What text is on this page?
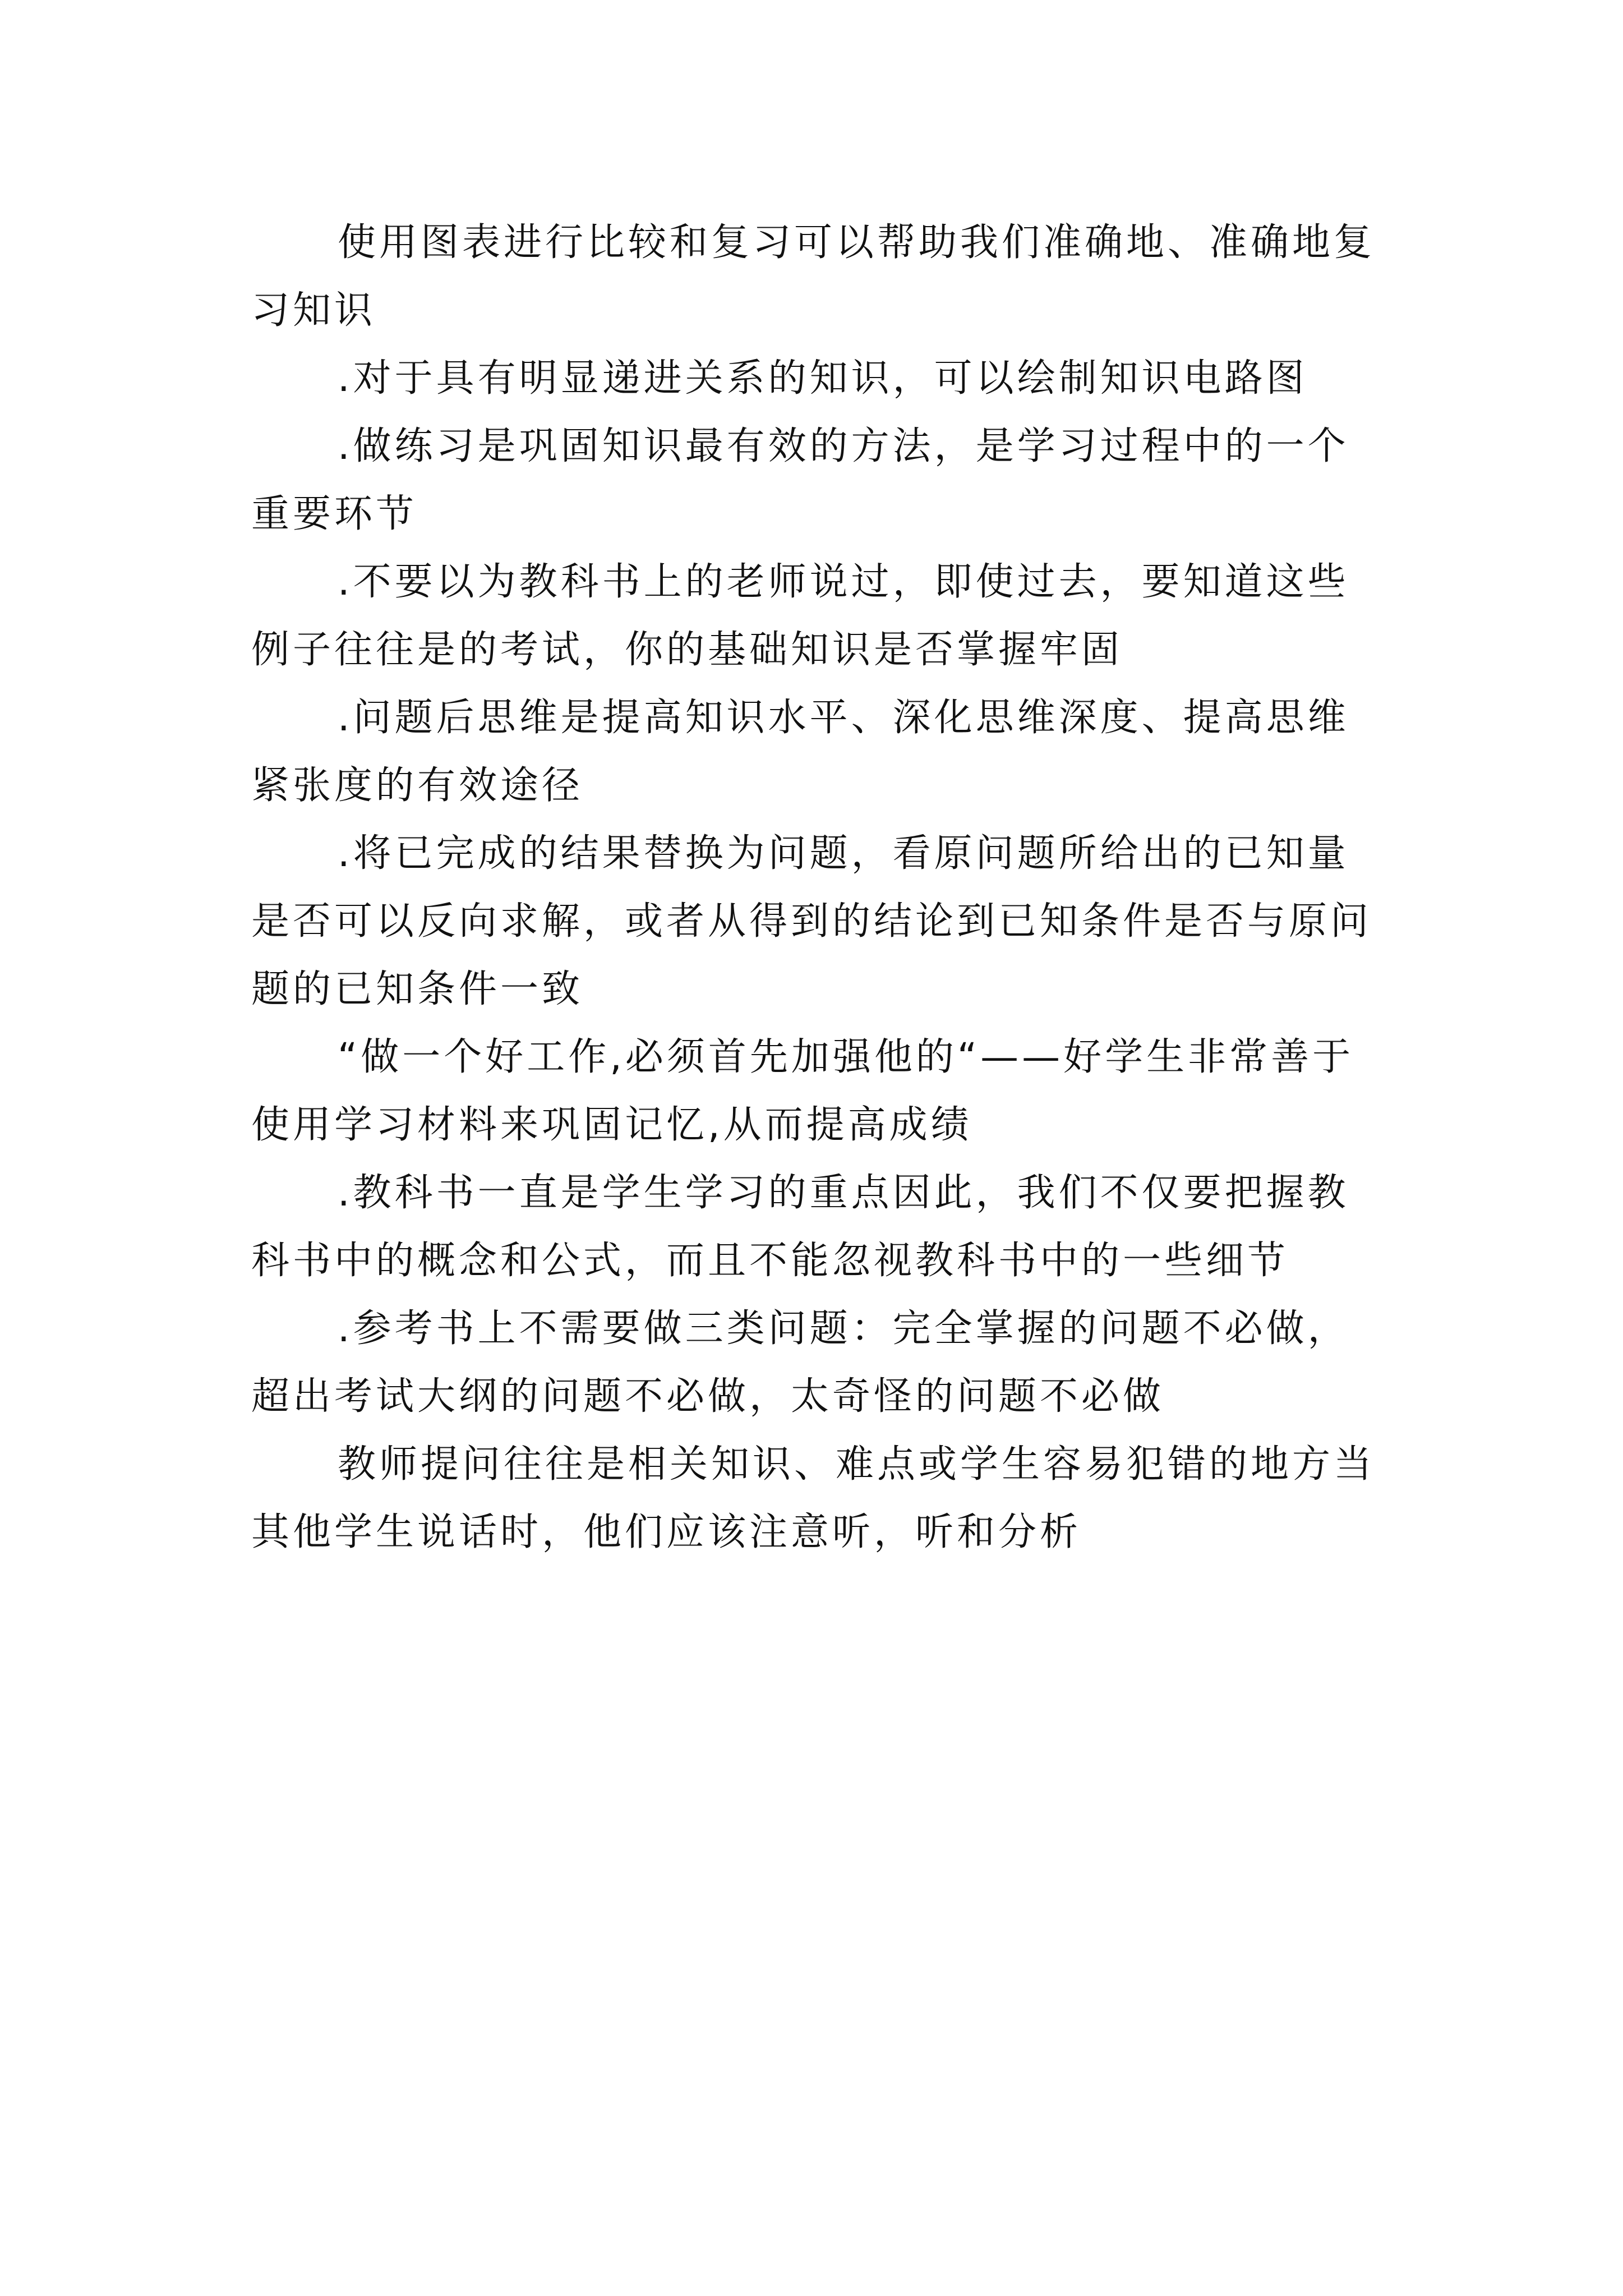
使用图表进行比较和复习可以帮助我们准确地、准确地复习知识

.对于具有明显递进关系的知识，可以绘制知识电路图

.做练习是巩固知识最有效的方法，是学习过程中的一个重要环节

.不要以为教科书上的老师说过，即使过去，要知道这些例子往往是的考试，你的基础知识是否掌握牢固

.问题后思维是提高知识水平、深化思维深度、提高思维紧张度的有效途径

.将已完成的结果替换为问题，看原问题所给出的已知量是否可以反向求解，或者从得到的结论到已知条件是否与原问题的已知条件一致

“做一个好工作,必须首先加强他的“——好学生非常善于使用学习材料来巩固记忆,从而提高成绩

.教科书一直是学生学习的重点因此，我们不仅要把握教科书中的概念和公式，而且不能忽视教科书中的一些细节

.参考书上不需要做三类问题：完全掌握的问题不必做，超出考试大纲的问题不必做，太奇怪的问题不必做

教师提问往往是相关知识、难点或学生容易犯错的地方当其他学生说话时，他们应该注意听，听和分析
